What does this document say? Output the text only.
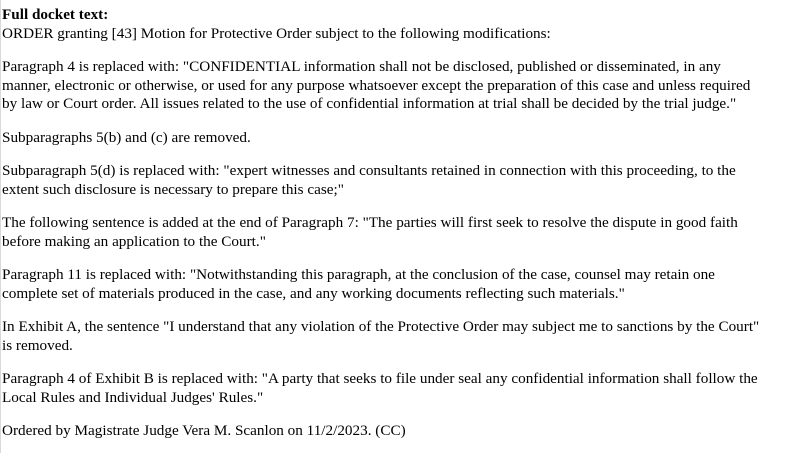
Full docket text:
ORDER granting [43] Motion for Protective Order subject to the following modifications:
Paragraph 4 is replaced with: "CONFIDENTIAL information shall not be disclosed, published or disseminated, in any
manner, electronic or otherwise, or used for any purpose whatsoever except the preparation of this case and unless required
by law or Court order. All issues related to the use of confidential information at trial shall be decided by the trial judge."
Subparagraphs 5(b) and (c) are removed.
Subparagraph 5(d) is replaced with: "expert witnesses and consultants retained in connection with this proceeding, to the
extent such disclosure is necessary to prepare this case;"
The following sentence is added at the end of Paragraph 7: "The parties will first seek to resolve the dispute in good faith
before making an application to the Court."
Paragraph 11 is replaced with: "Notwithstanding this paragraph, at the conclusion of the case, counsel may retain one
complete set of materials produced in the case, and any working documents reflecting such materials."
In Exhibit A, the sentence "I understand that any violation of the Protective Order may subject me to sanctions by the Court"
is removed.
Paragraph 4 of Exhibit B is replaced with: "A party that seeks to file under seal any confidential information shall follow the
Local Rules and Individual Judges' Rules."
Ordered by Magistrate Judge Vera M. Scanlon on 11/2/2023. (CC)
